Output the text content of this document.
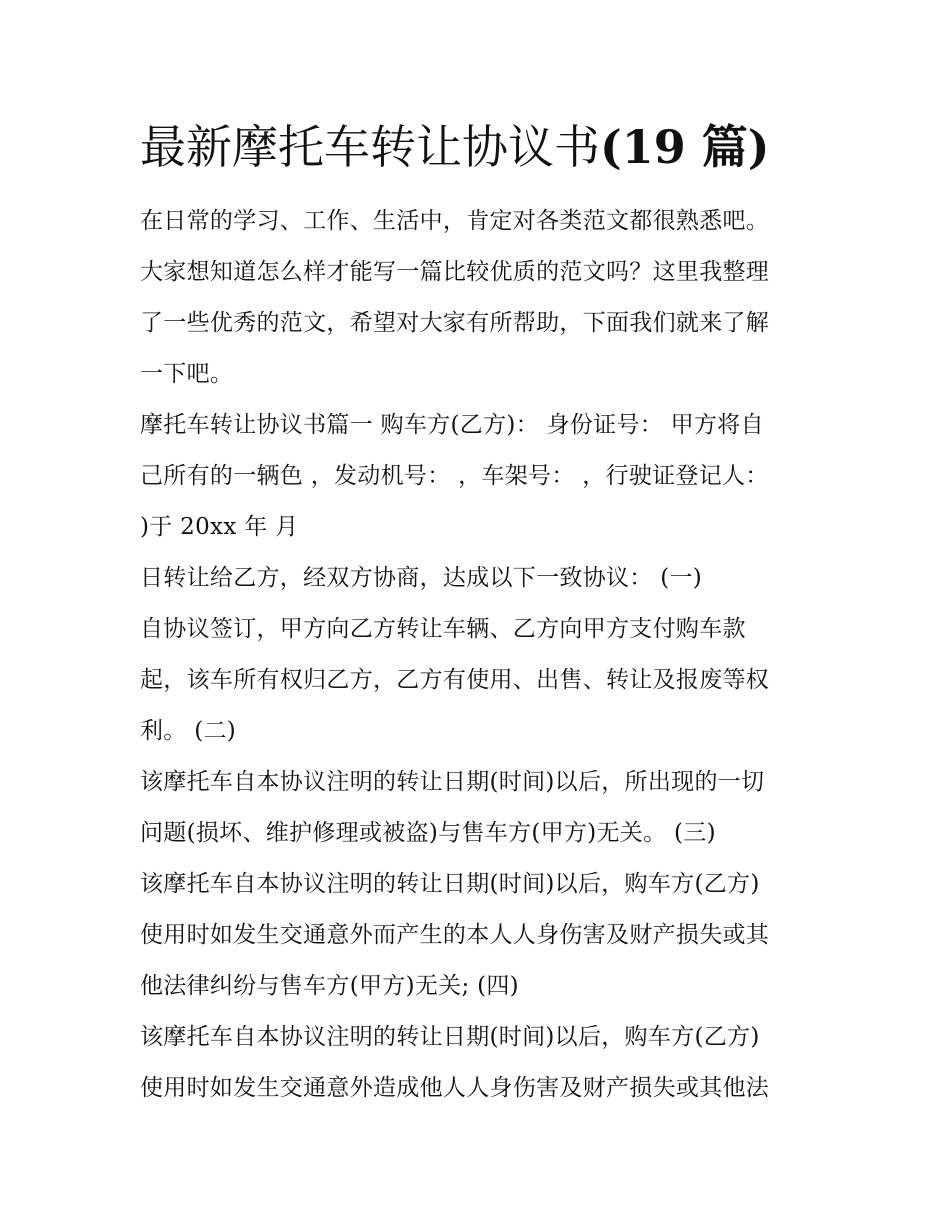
最新摩托车转让协议书(19 篇)
在日常的学习、工作、生活中，肯定对各类范文都很熟悉吧。
大家想知道怎么样才能写一篇比较优质的范文吗？这里我整理
了一些优秀的范文，希望对大家有所帮助，下面我们就来了解
一下吧。
摩托车转让协议书篇一 购车方(乙方)： 身份证号： 甲方将自
己所有的一辆色 ，发动机号： ，车架号： ，行驶证登记人：
)于 20xx 年 月
日转让给乙方，经双方协商，达成以下一致协议： (一)
自协议签订，甲方向乙方转让车辆、乙方向甲方支付购车款
起，该车所有权归乙方，乙方有使用、出售、转让及报废等权
利。 (二)
该摩托车自本协议注明的转让日期(时间)以后，所出现的一切
问题(损坏、维护修理或被盗)与售车方(甲方)无关。 (三)
该摩托车自本协议注明的转让日期(时间)以后，购车方(乙方)
使用时如发生交通意外而产生的本人人身伤害及财产损失或其
他法律纠纷与售车方(甲方)无关; (四)
该摩托车自本协议注明的转让日期(时间)以后，购车方(乙方)
使用时如发生交通意外造成他人人身伤害及财产损失或其他法
